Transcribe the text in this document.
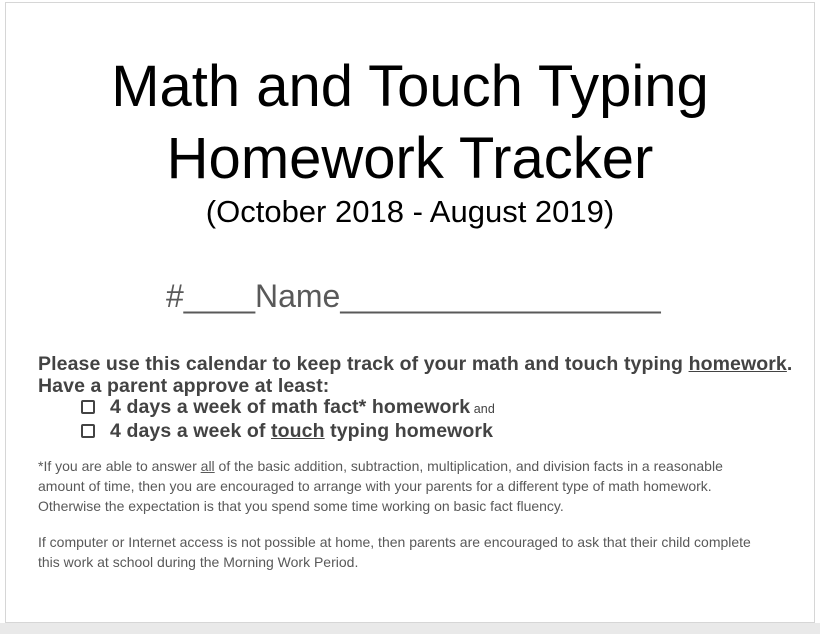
Math and Touch Typing
Homework Tracker
(October 2018 - August 2019)
#____Name__________________
Please use this calendar to keep track of your math and touch typing homework.
Have a parent approve at least:
4 days a week of math fact* homework and
4 days a week of touch typing homework
*If you are able to answer all of the basic addition, subtraction, multiplication, and division facts in a reasonable
amount of time, then you are encouraged to arrange with your parents for a different type of math homework.
Otherwise the expectation is that you spend some time working on basic fact fluency.
If computer or Internet access is not possible at home, then parents are encouraged to ask that their child complete
this work at school during the Morning Work Period.
